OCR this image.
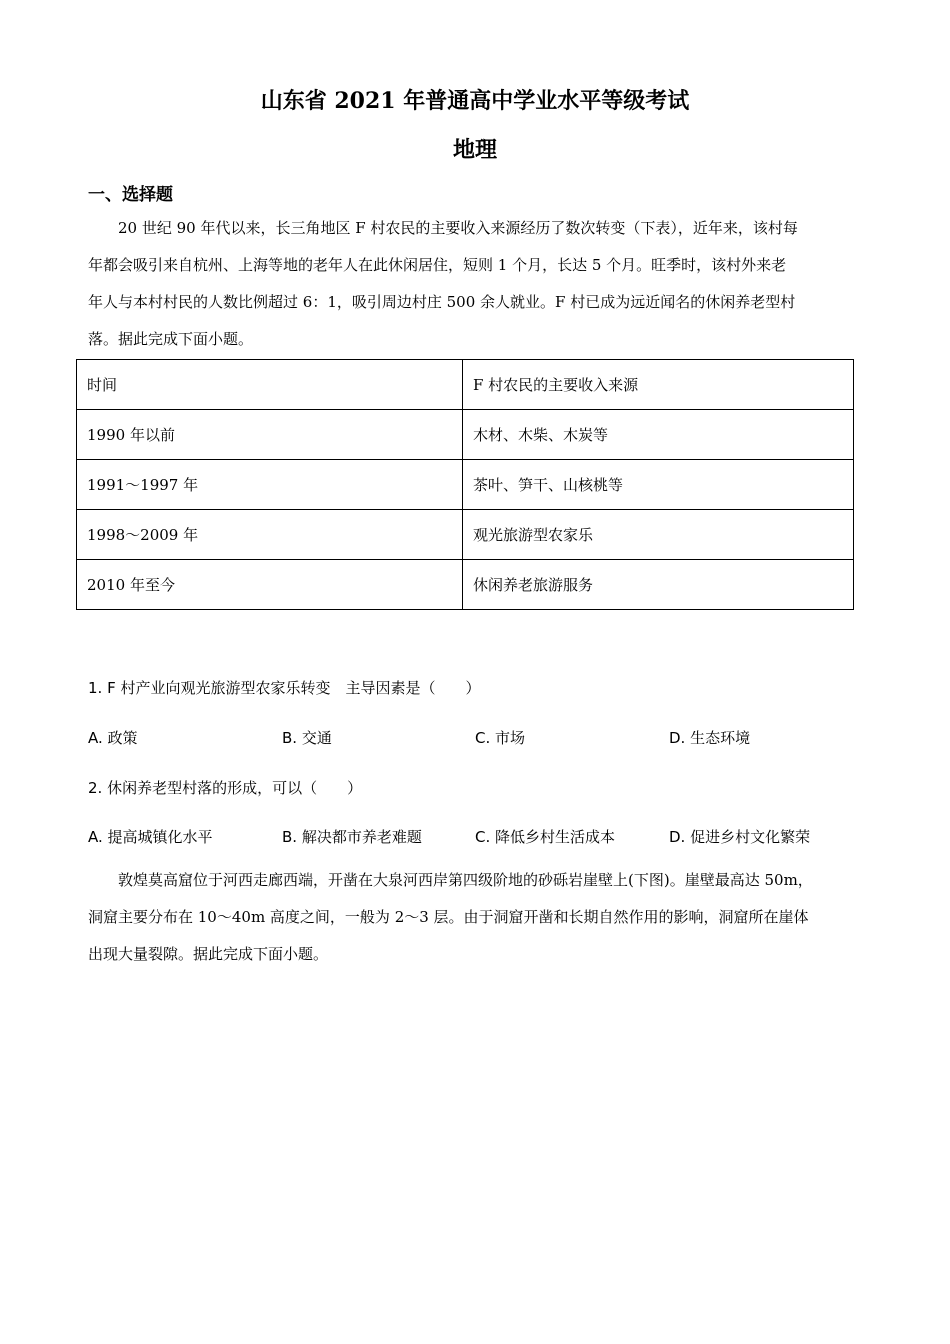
山东省 2021 年普通高中学业水平等级考试
地理
一、选择题
20 世纪 90 年代以来，长三角地区 F 村农民的主要收入来源经历了数次转变（下表），近年来，该村每
年都会吸引来自杭州、上海等地的老年人在此休闲居住，短则 1 个月，长达 5 个月。旺季时，该村外来老
年人与本村村民的人数比例超过 6：1，吸引周边村庄 500 余人就业。F 村已成为远近闻名的休闲养老型村
落。据此完成下面小题。
时间	F 村农民的主要收入来源
1990 年以前	木材、木柴、木炭等
1991～1997 年	茶叶、笋干、山核桃等
1998～2009 年	观光旅游型农家乐
2010 年至今	休闲养老旅游服务
1. F 村产业向观光旅游型农家乐转变　主导因素是（　　）
A. 政策	B. 交通	C. 市场	D. 生态环境
2. 休闲养老型村落的形成，可以（　　）
A. 提高城镇化水平	B. 解决都市养老难题	C. 降低乡村生活成本	D. 促进乡村文化繁荣
敦煌莫高窟位于河西走廊西端，开凿在大泉河西岸第四级阶地的砂砾岩崖壁上(下图)。崖壁最高达 50m，
洞窟主要分布在 10～40m 高度之间，一般为 2～3 层。由于洞窟开凿和长期自然作用的影响，洞窟所在崖体
出现大量裂隙。据此完成下面小题。
